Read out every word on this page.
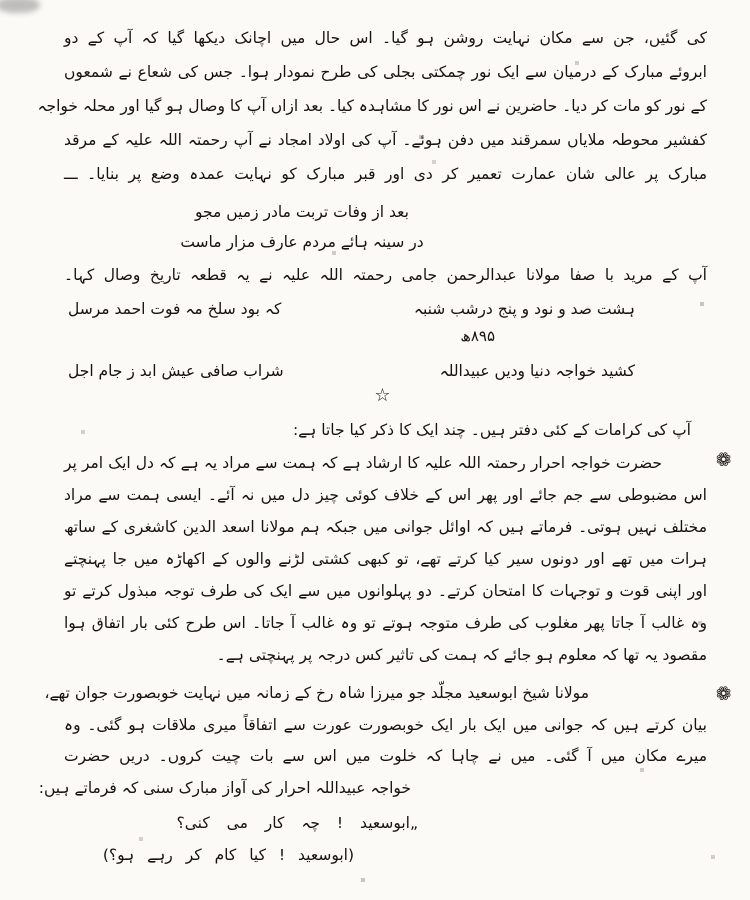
❁
❁
کی گئیں، جن سے مکان نہایت روشن ہو گیا۔ اس حال میں اچانک دیکھا گیا کہ آپ کے دو
ابروئے مبارک کے درمیان سے ایک نور چمکتی بجلی کی طرح نمودار ہوا۔ جس کی شعاع نے شمعوں
کے نور کو مات کر دیا۔ حاضرین نے اس نور کا مشاہدہ کیا۔ بعد ازاں آپ کا وصال ہو گیا اور محلہ خواجہ
کفشیر محوطہ ملایاں سمرقند میں دفن ہوئے۔ آپ کی اولاد امجاد نے آپ رحمتہ اللہ علیہ کے مرقد
مبارک پر عالی شان عمارت تعمیر کر دی اور قبر مبارک کو نہایت عمدہ وضع پر بنایا۔ ـــ
بعد از وفات تربت مادر زمیں مجو
در سینہ ہائے مردم عارف مزار ماست
آپ کے مرید با صفا مولانا عبدالرحمن جامی رحمتہ اللہ علیہ نے یہ قطعہ تاریخ وصال کہا۔
ہشت صد و نود و پنج درشب شنبہ
کہ بود سلخ مہ فوت احمد مرسل
۸۹۵ھ
کشید خواجہ دنیا ودیں عبیداللہ
شراب صافی عیش ابد ز جام اجل
☆
آپ کی کرامات کے کئی دفتر ہیں۔ چند ایک کا ذکر کیا جاتا ہے:
حضرت خواجہ احرار رحمتہ اللہ علیہ کا ارشاد ہے کہ ہمت سے مراد یہ ہے کہ دل ایک امر پر
اس مضبوطی سے جم جائے اور پھر اس کے خلاف کوئی چیز دل میں نہ آئے۔ ایسی ہمت سے مراد
مختلف نہیں ہوتی۔ فرماتے ہیں کہ اوائل جوانی میں جبکہ ہم مولانا اسعد الدین کاشغری کے ساتھ
ہرات میں تھے اور دونوں سیر کیا کرتے تھے، تو کبھی کشتی لڑنے والوں کے اکھاڑہ میں جا پہنچتے
اور اپنی قوت و توجہات کا امتحان کرتے۔ دو پہلوانوں میں سے ایک کی طرف توجہ مبذول کرتے تو
وہ غالب آ جاتا پھر مغلوب کی طرف متوجہ ہوتے تو وہ غالب آ جاتا۔ اس طرح کئی بار اتفاق ہوا
مقصود یہ تھا کہ معلوم ہو جائے کہ ہمت کی تاثیر کس درجہ پر پہنچتی ہے۔
مولانا شیخ ابوسعید مجلّد جو میرزا شاہ رخ کے زمانہ میں نہایت خوبصورت جوان تھے،
بیان کرتے ہیں کہ جوانی میں ایک بار ایک خوبصورت عورت سے اتفاقاً میری ملاقات ہو گئی۔ وہ
میرے مکان میں آ گئی۔ میں نے چاہا کہ خلوت میں اس سے بات چیت کروں۔ دریں حضرت
خواجہ عبیداللہ احرار کی آواز مبارک سنی کہ فرماتے ہیں:
„ابوسعید ! چہ کار می کنی؟
(ابوسعید ! کیا کام کر رہے ہو؟)
